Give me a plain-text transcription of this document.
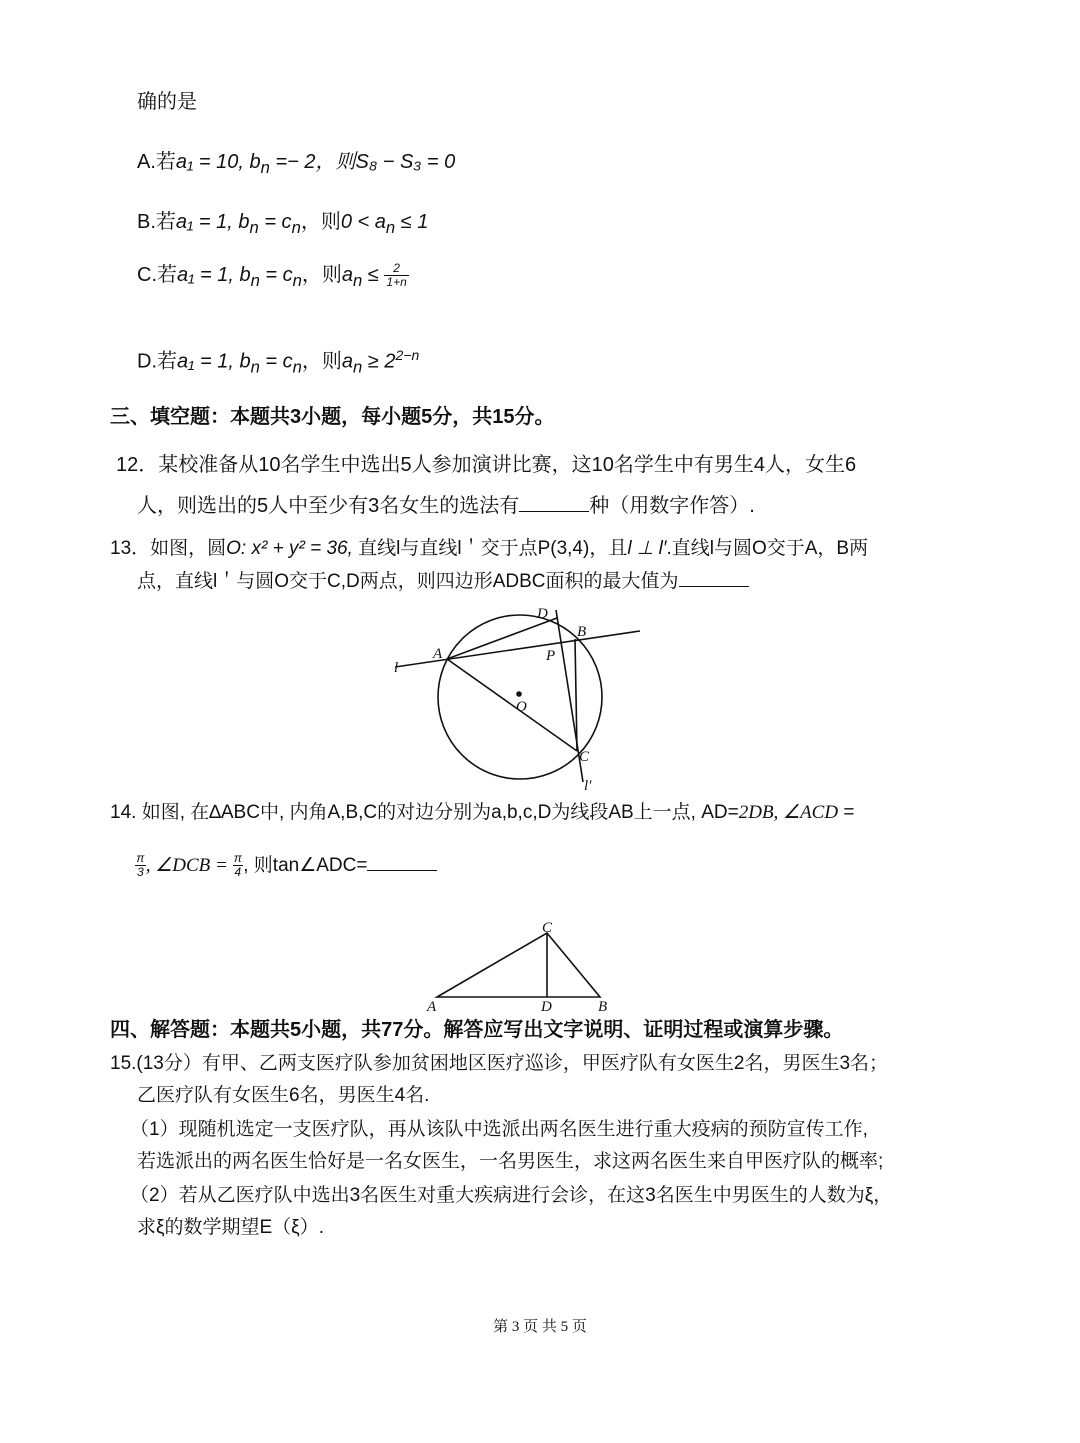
确的是
A.若a₁ = 10, $b_n =- 2$，则S₈ − S₃ = 0
B.若a₁ = 1, $b_n = c_n$，则$0 < a_n \le 1$
C.若a₁ = 1, $b_n = c_n$，则$a_n \le \frac{2}{1+n}$
D.若a₁ = 1, $b_n = c_n$，则$a_n \ge 2^{2-n}$
三、填空题：本题共3小题，每小题5分，共15分。
12．某校准备从10名学生中选出5人参加演讲比赛，这10名学生中有男生4人，女生6
人，则选出的5人中至少有3名女生的选法有	种（用数字作答）.
13．如图，圆O: x² + y² = 36, 直线l与直线l＇交于点P(3,4)，且l ⊥ l′.直线l与圆O交于A，B两
点，直线l＇与圆O交于C,D两点，则四边形ADBC面积的最大值为
D
B
A	P
O
C
l
l′
C
A	D	B
14. 如图, 在∆ABC中, 内角A,B,C的对边分别为a,b,c,D为线段AB上一点, AD=2DB, ∠ACD =
$\frac{\pi}{3}$ , ∠DCB = $\frac{\pi}{4}$ , 则tan∠ADC=
四、解答题：本题共5小题，共77分。解答应写出文字说明、证明过程或演算步骤。
15.(13分）有甲、乙两支医疗队参加贫困地区医疗巡诊，甲医疗队有女医生2名，男医生3名；
乙医疗队有女医生6名，男医生4名.
（1）现随机选定一支医疗队，再从该队中选派出两名医生进行重大疫病的预防宣传工作,
若选派出的两名医生恰好是一名女医生，一名男医生，求这两名医生来自甲医疗队的概率;
（2）若从乙医疗队中选出3名医生对重大疾病进行会诊，在这3名医生中男医生的人数为ξ，
求ξ的数学期望E（ξ）.
第 3 页 共 5 页
